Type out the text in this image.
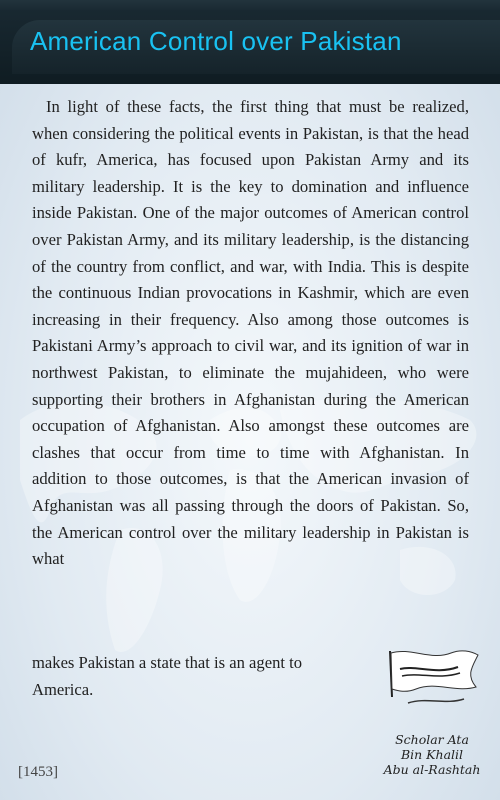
American Control over Pakistan

In light of these facts, the first thing that must be realized, when considering the political events in Pakistan, is that the head of kufr, America, has focused upon Pakistan Army and its military leadership. It is the key to domination and influence inside Pakistan. One of the major outcomes of American control over Pakistan Army, and its military leadership, is the distancing of the country from conflict, and war, with India. This is despite the continuous Indian provocations in Kashmir, which are even increasing in their frequency. Also among those outcomes is Pakistani Army’s approach to civil war, and its ignition of war in northwest Pakistan, to eliminate the mujahideen, who were supporting their brothers in Afghanistan during the American occupation of Afghanistan. Also amongst these outcomes are clashes that occur from time to time with Afghanistan. In addition to those outcomes, is that the American invasion of Afghanistan was all passing through the doors of Pakistan. So, the American control over the military leadership in Pakistan is what

makes Pakistan a state that is an agent to
America.
Scholar Ata
Bin Khalil
Abu al-Rashtah
[1453]
